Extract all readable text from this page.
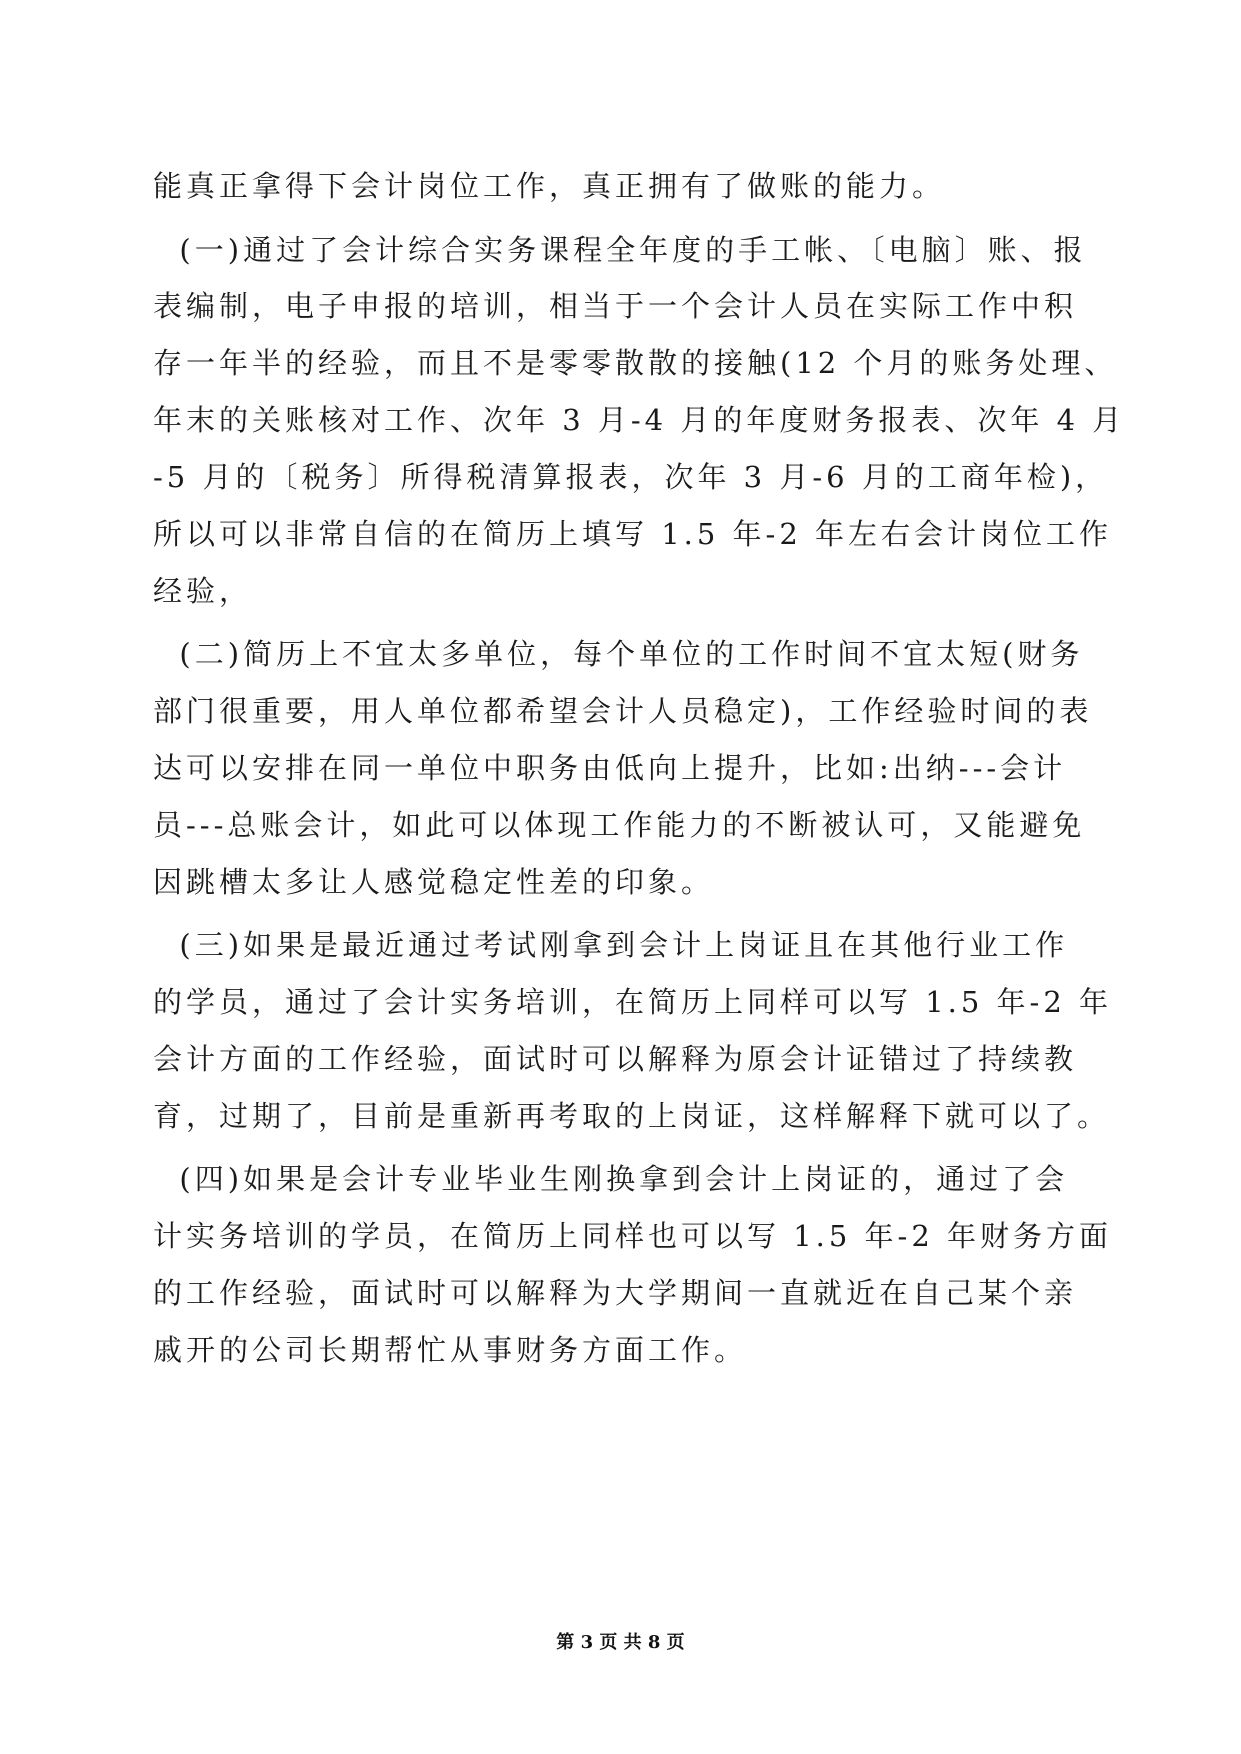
能真正拿得下会计岗位工作，真正拥有了做账的能力。
(一)通过了会计综合实务课程全年度的手工帐、〔电脑〕账、报
表编制，电子申报的培训，相当于一个会计人员在实际工作中积
存一年半的经验，而且不是零零散散的接触(12 个月的账务处理、
年末的关账核对工作、次年 3 月-4 月的年度财务报表、次年 4 月
-5 月的〔税务〕所得税清算报表，次年 3 月-6 月的工商年检)，
所以可以非常自信的在简历上填写 1.5 年-2 年左右会计岗位工作
经验，
(二)简历上不宜太多单位，每个单位的工作时间不宜太短(财务
部门很重要，用人单位都希望会计人员稳定)，工作经验时间的表
达可以安排在同一单位中职务由低向上提升，比如:出纳---会计
员---总账会计，如此可以体现工作能力的不断被认可，又能避免
因跳槽太多让人感觉稳定性差的印象。
(三)如果是最近通过考试刚拿到会计上岗证且在其他行业工作
的学员，通过了会计实务培训，在简历上同样可以写 1.5 年-2 年
会计方面的工作经验，面试时可以解释为原会计证错过了持续教
育，过期了，目前是重新再考取的上岗证，这样解释下就可以了。
(四)如果是会计专业毕业生刚换拿到会计上岗证的，通过了会
计实务培训的学员，在简历上同样也可以写 1.5 年-2 年财务方面
的工作经验，面试时可以解释为大学期间一直就近在自己某个亲
戚开的公司长期帮忙从事财务方面工作。
第 3 页 共 8 页
